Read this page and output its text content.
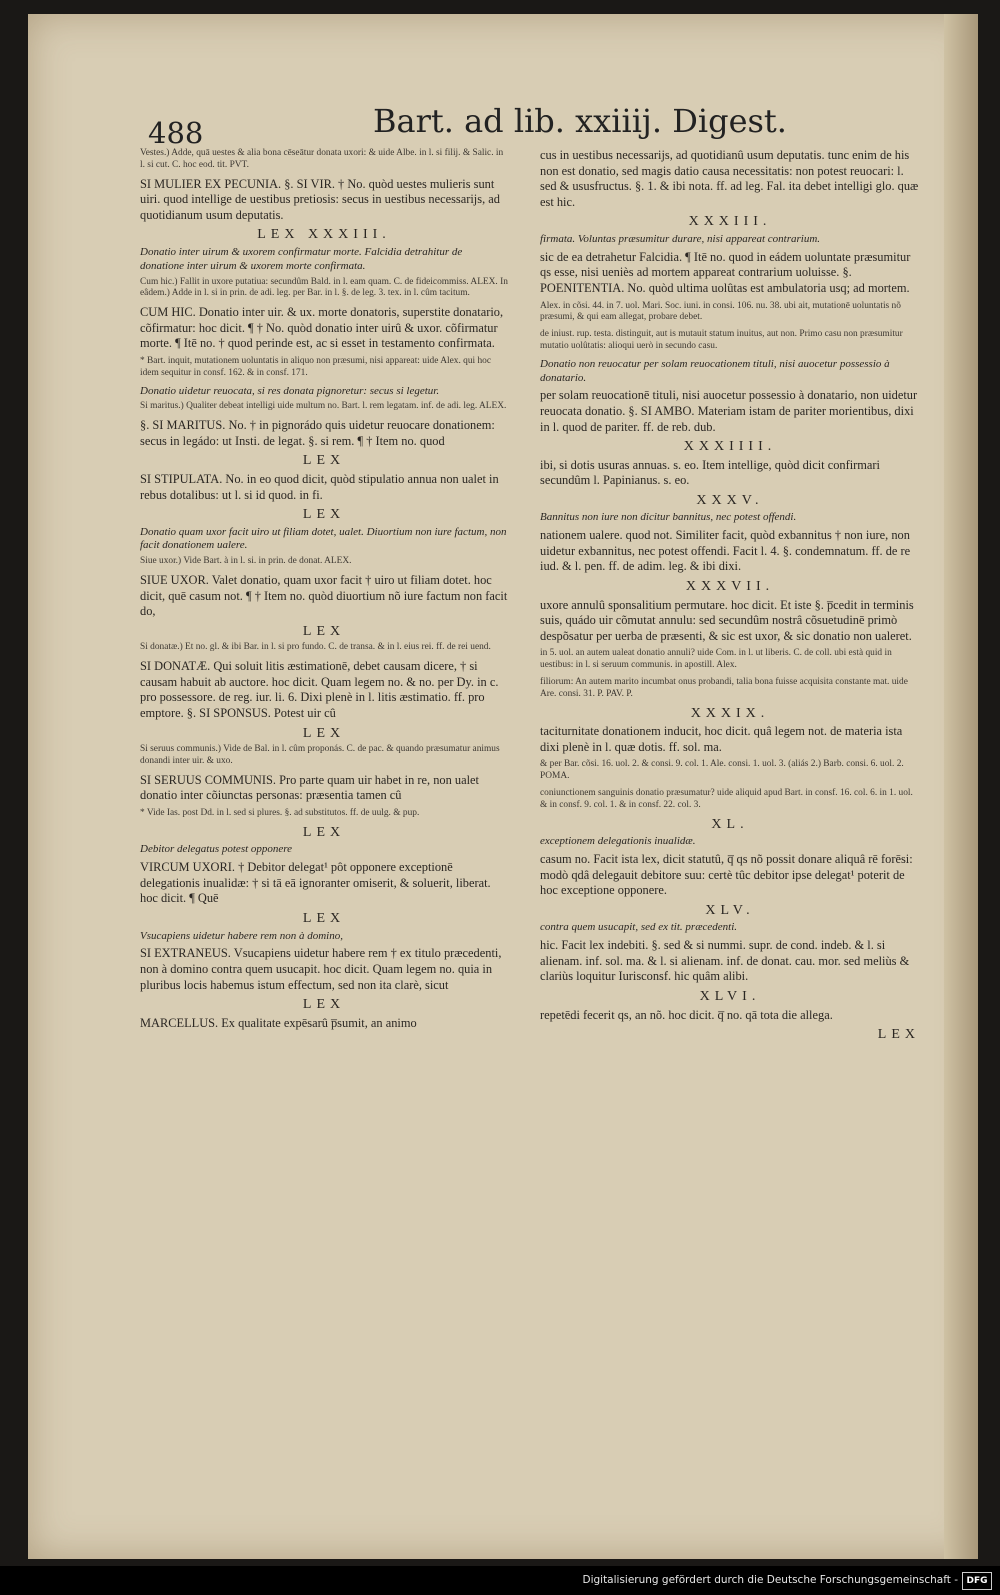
488	Bart. ad lib. xxiiij. Digest.

Vestes.) Adde, quā uestes & alia bona cēseātur donata uxori: & uide Albe. in l. si filij. & Salic. in l. si cut. C. hoc eod. tit. PVT.

SI MULIER EX PECUNIA. §. SI VIR. † No. quòd uestes mulieris sunt uiri. quod intellige de uestibus pretiosis: secus in uestibus necessarijs, ad quotidianum usum deputatis.

LEX XXXIII.

Donatio inter uirum & uxorem confirmatur morte. Falcidia detrahitur de donatione inter uirum & uxorem morte confirmata.

Cum hic.) Fallit in uxore putatiua: secundûm Bald. in l. eam quam. C. de fideicommiss. ALEX. In eâdem.) Adde in l. si in prin. de adi. leg. per Bar. in l. §. de leg. 3. tex. in l. cûm tacitum.

CUM HIC. Donatio inter uir. & ux. morte donatoris, superstite donatario, cõfirmatur: hoc dicit. ¶ † No. quòd donatio inter uirû & uxor. cõfirmatur morte. ¶ Itē no. † quod perinde est, ac si esset in testamento confirmata.

* Bart. inquit, mutationem uoluntatis in aliquo non præsumi, nisi appareat: uide Alex. qui hoc idem sequitur in consf. 162. & in consf. 171.

Donatio uidetur reuocata, si res donata pignoretur: secus si legetur.

Si maritus.) Qualiter debeat intelligi uide multum no. Bart. l. rem legatam. inf. de adi. leg. ALEX.

§. SI MARITUS. No. † in pignorádo quis uidetur reuocare donationem: secus in legádo: ut Insti. de legat. §. si rem. ¶ † Item no. quod

LEX

SI STIPULATA. No. in eo quod dicit, quòd stipulatio annua non ualet in rebus dotalibus: ut l. si id quod. in fi.

LEX

Donatio quam uxor facit uiro ut filiam dotet, ualet. Diuortium non iure factum, non facit donationem ualere.

Siue uxor.) Vide Bart. à in l. si. in prin. de donat. ALEX.

SIUE UXOR. Valet donatio, quam uxor facit † uiro ut filiam dotet. hoc dicit, quē casum not. ¶ † Item no. quòd diuortium nõ iure factum non facit do,

LEX

Si donatæ.) Et no. gl. & ibi Bar. in l. si pro fundo. C. de transa. & in l. eius rei. ff. de rei uend.

SI DONATÆ. Qui soluit litis æstimationē, debet causam dicere, † si causam habuit ab auctore. hoc dicit. Quam legem no. & no. per Dy. in c. pro possessore. de reg. iur. li. 6. Dixi plenè in l. litis æstimatio. ff. pro emptore. §. SI SPONSUS. Potest uir cû

LEX

Si seruus communis.) Vide de Bal. in l. cûm proponás. C. de pac. & quando præsumatur animus donandi inter uir. & uxo.

SI SERUUS COMMUNIS. Pro parte quam uir habet in re, non ualet donatio inter cõiunctas personas: præsentia tamen cû

* Vide Ias. post Dd. in l. sed si plures. §. ad substitutos. ff. de uulg. & pup.

LEX

Debitor delegatus potest opponere

VIRCUM UXORI. † Debitor delegat¹ pôt opponere exceptionē delegationis inualidæ: † si tā eā ignoranter omiserit, & soluerit, liberat. hoc dicit. ¶ Quē

LEX

Vsucapiens uidetur habere rem non à domino,

SI EXTRANEUS. Vsucapiens uidetur habere rem † ex titulo præcedenti, non à domino contra quem usucapit. hoc dicit. Quam legem no. quia in pluribus locis habemus istum effectum, sed non ita clarè, sicut

LEX

MARCELLUS. Ex qualitate expēsarû p̅sumit, an animo

cus in uestibus necessarijs, ad quotidianû usum deputatis. tunc enim de his non est donatio, sed magis datio causa necessitatis: non potest reuocari: l. sed & ususfructus. §. 1. & ibi nota. ff. ad leg. Fal. ita debet intelligi glo. quæ est hic.

XXXIII.

firmata. Voluntas præsumitur durare, nisi appareat contrarium.

sic de ea detrahetur Falcidia. ¶ Itē no. quod in eádem uoluntate præsumitur qs esse, nisi ueniès ad mortem appareat contrarium uoluisse. §. POENITENTIA. No. quòd ultima uolûtas est ambulatoria usq; ad mortem.

Alex. in cõsi. 44. in 7. uol. Mari. Soc. iuni. in consi. 106. nu. 38. ubi ait, mutationē uoluntatis nõ præsumi, & qui eam allegat, probare debet.

de iniust. rup. testa. distinguit, aut is mutauit statum inuitus, aut non. Primo casu non præsumitur mutatio uolûtatis: alioqui uerò in secundo casu.

Donatio non reuocatur per solam reuocationem tituli, nisi auocetur possessio à donatario.

per solam reuocationē tituli, nisi auocetur possessio à donatario, non uidetur reuocata donatio. §. SI AMBO. Materiam istam de pariter morientibus, dixi in l. quod de pariter. ff. de reb. dub.

XXXIIII.

ibi, si dotis usuras annuas. s. eo. Item intellige, quòd dicit confirmari secundûm l. Papinianus. s. eo.

XXXV.

Bannitus non iure non dicitur bannitus, nec potest offendi.

nationem ualere. quod not. Similiter facit, quòd exbannitus † non iure, non uidetur exbannitus, nec potest offendi. Facit l. 4. §. condemnatum. ff. de re iud. & l. pen. ff. de adim. leg. & ibi dixi.

XXXVII.

uxore annulû sponsalitium permutare. hoc dicit. Et iste §. p̅cedit in terminis suis, quádo uir cõmutat annulu: sed secundûm nostrâ cõsuetudinē primò despõsatur per uerba de præsenti, & sic est uxor, & sic donatio non ualeret.

in 5. uol. an autem ualeat donatio annuli? uide Com. in l. ut liberis. C. de coll. ubi està quid in uestibus: in l. si seruum communis. in apostill. Alex.

filiorum: An autem marito incumbat onus probandi, talia bona fuisse acquisita constante mat. uide Are. consi. 31. P. PAV. P.

XXXIX.

taciturnitate donationem inducit, hoc dicit. quâ legem not. de materia ista dixi plenè in l. quæ dotis. ff. sol. ma.

& per Bar. cõsi. 16. uol. 2. & consi. 9. col. 1. Ale. consi. 1. uol. 3. (aliás 2.) Barb. consi. 6. uol. 2. POMA.

coniunctionem sanguinis donatio præsumatur? uide aliquid apud Bart. in consf. 16. col. 6. in 1. uol. & in consf. 9. col. 1. & in consf. 22. col. 3.

XL.

exceptionem delegationis inualidæ.

casum no. Facit ista lex, dicit statutû, q̅ qs nõ possit donare aliquâ rē forēsi: modò qdâ delegauit debitore suu: certè tûc debitor ipse delegat¹ poterit de hoc exceptione opponere.

XLV.

contra quem usucapit, sed ex tit. præcedenti.

hic. Facit lex indebiti. §. sed & si nummi. supr. de cond. indeb. & l. si alienam. inf. sol. ma. & l. si alienam. inf. de donat. cau. mor. sed meliùs & clariùs loquitur Iurisconsf. hic quâm alibi.

XLVI.

repetēdi fecerit qs, an nõ. hoc dicit. q̅ no. qā tota die allega.

LEX

Digitalisierung gefördert durch die Deutsche Forschungsgemeinschaft - DFG
